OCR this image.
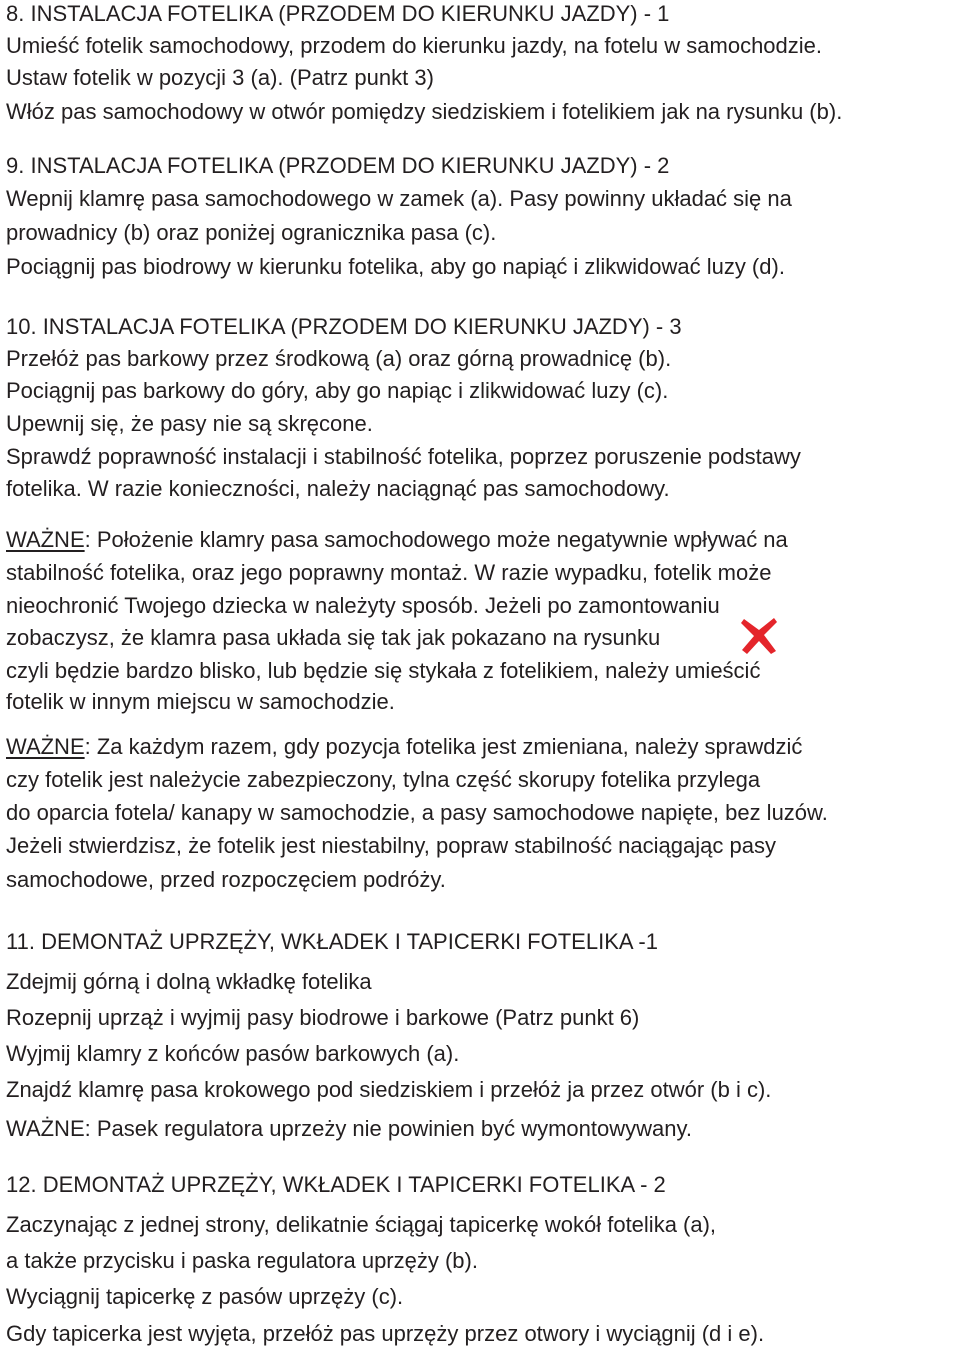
8. INSTALACJA FOTELIKA (PRZODEM DO KIERUNKU JAZDY) - 1
Umieść fotelik samochodowy, przodem do kierunku jazdy, na fotelu w samochodzie.
Ustaw fotelik w pozycji 3 (a). (Patrz punkt 3)
Włóz pas samochodowy w otwór pomiędzy siedziskiem i fotelikiem jak na rysunku (b).
9. INSTALACJA FOTELIKA (PRZODEM DO KIERUNKU JAZDY) - 2
Wepnij klamrę pasa samochodowego w zamek (a). Pasy powinny układać się na
prowadnicy (b) oraz poniżej ogranicznika pasa (c).
Pociągnij pas biodrowy w kierunku fotelika, aby go napiąć i zlikwidować luzy (d).
10. INSTALACJA FOTELIKA (PRZODEM DO KIERUNKU JAZDY) - 3
Przełóż pas barkowy przez środkową (a) oraz górną prowadnicę (b).
Pociągnij pas barkowy do góry, aby go napiąc i zlikwidować luzy (c).
Upewnij się, że pasy nie są skręcone.
Sprawdź poprawność instalacji i stabilność fotelika, poprzez poruszenie podstawy
fotelika. W razie konieczności, należy naciągnąć pas samochodowy.
WAŻNE: Położenie klamry pasa samochodowego może negatywnie wpływać na
stabilność fotelika, oraz jego poprawny montaż. W razie wypadku, fotelik może
nieochronić Twojego dziecka w należyty sposób. Jeżeli po zamontowaniu
zobaczysz, że klamra pasa układa się tak jak pokazano na rysunku
czyli będzie bardzo blisko, lub będzie się stykała z fotelikiem, należy umieścić
fotelik w innym miejscu w samochodzie.
WAŻNE: Za każdym razem, gdy pozycja fotelika jest zmieniana, należy sprawdzić
czy fotelik jest należycie zabezpieczony, tylna część skorupy fotelika przylega
do oparcia fotela/ kanapy w samochodzie, a pasy samochodowe napięte, bez luzów.
Jeżeli stwierdzisz, że fotelik jest niestabilny, popraw stabilność naciągając pasy
samochodowe, przed rozpoczęciem podróży.
11. DEMONTAŻ UPRZĘŻY, WKŁADEK I TAPICERKI FOTELIKA -1
Zdejmij górną i dolną wkładkę fotelika
Rozepnij uprząż i wyjmij pasy biodrowe i barkowe (Patrz punkt 6)
Wyjmij klamry z końców pasów barkowych (a).
Znajdź klamrę pasa krokowego pod siedziskiem i przełóż ja przez otwór (b i c).
WAŻNE: Pasek regulatora uprzeży nie powinien być wymontowywany.
12. DEMONTAŻ UPRZĘŻY, WKŁADEK I TAPICERKI FOTELIKA - 2
Zaczynając z jednej strony, delikatnie ściągaj tapicerkę wokół fotelika (a),
a także przycisku i paska regulatora uprzęży (b).
Wyciągnij tapicerkę z pasów uprzęży (c).
Gdy tapicerka jest wyjęta, przełóż pas uprzęży przez otwory i wyciągnij (d i e).
